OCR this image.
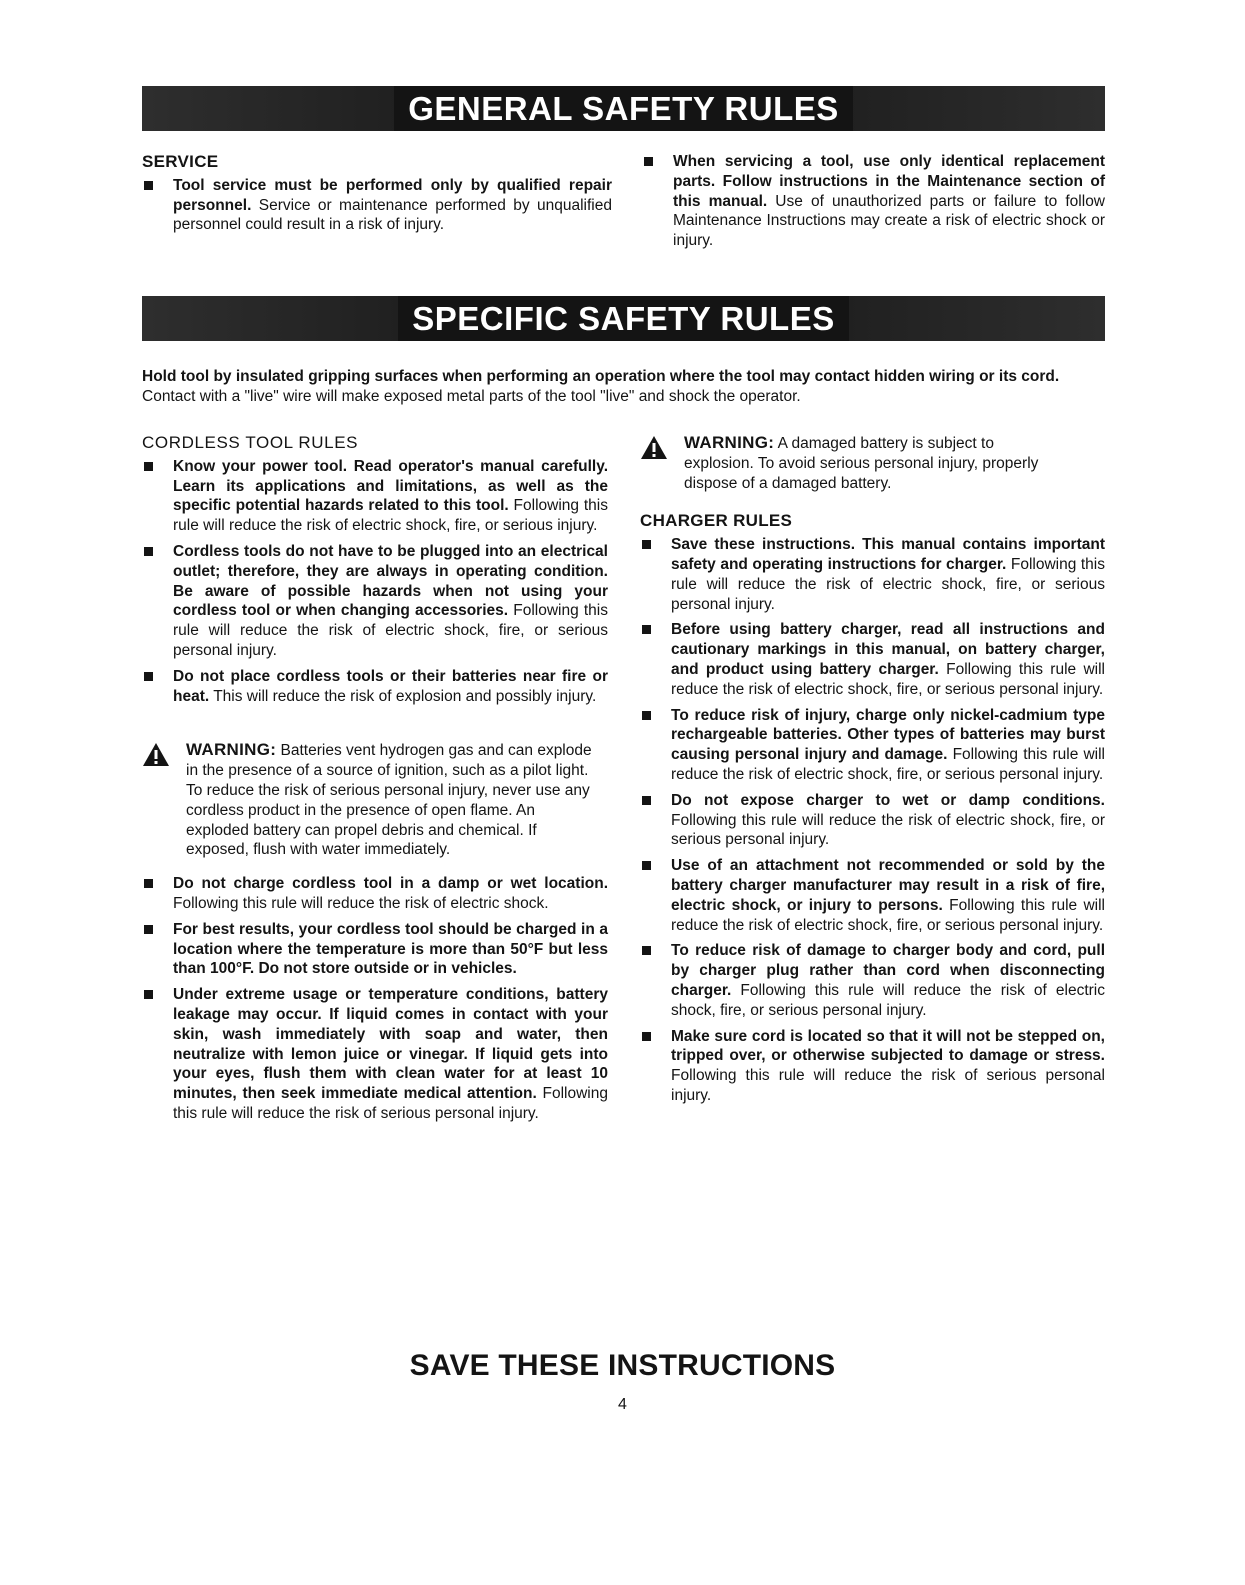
GENERAL SAFETY RULES
SERVICE
Tool service must be performed only by qualified repair personnel. Service or maintenance performed by unqualified personnel could result in a risk of injury.
When servicing a tool, use only identical replacement parts. Follow instructions in the Maintenance section of this manual. Use of unauthorized parts or failure to follow Maintenance Instructions may create a risk of electric shock or injury.
SPECIFIC SAFETY RULES
Hold tool by insulated gripping surfaces when performing an operation where the tool may contact hidden wiring or its cord. Contact with a "live" wire will make exposed metal parts of the tool "live" and shock the operator.
CORDLESS TOOL RULES
Know your power tool. Read operator's manual carefully. Learn its applications and limitations, as well as the specific potential hazards related to this tool. Following this rule will reduce the risk of electric shock, fire, or serious injury.
Cordless tools do not have to be plugged into an electrical outlet; therefore, they are always in operating condition. Be aware of possible hazards when not using your cordless tool or when changing accessories. Following this rule will reduce the risk of electric shock, fire, or serious personal injury.
Do not place cordless tools or their batteries near fire or heat. This will reduce the risk of explosion and possibly injury.
WARNING: Batteries vent hydrogen gas and can explode in the presence of a source of ignition, such as a pilot light. To reduce the risk of serious personal injury, never use any cordless product in the presence of open flame. An exploded battery can propel debris and chemical. If exposed, flush with water immediately.
Do not charge cordless tool in a damp or wet location. Following this rule will reduce the risk of electric shock.
For best results, your cordless tool should be charged in a location where the temperature is more than 50°F but less than 100°F. Do not store outside or in vehicles.
Under extreme usage or temperature conditions, battery leakage may occur. If liquid comes in contact with your skin, wash immediately with soap and water, then neutralize with lemon juice or vinegar. If liquid gets into your eyes, flush them with clean water for at least 10 minutes, then seek immediate medical attention. Following this rule will reduce the risk of serious personal injury.
WARNING: A damaged battery is subject to explosion. To avoid serious personal injury, properly dispose of a damaged battery.
CHARGER RULES
Save these instructions. This manual contains important safety and operating instructions for charger. Following this rule will reduce the risk of electric shock, fire, or serious personal injury.
Before using battery charger, read all instructions and cautionary markings in this manual, on battery charger, and product using battery charger. Following this rule will reduce the risk of electric shock, fire, or serious personal injury.
To reduce risk of injury, charge only nickel-cadmium type rechargeable batteries. Other types of batteries may burst causing personal injury and damage. Following this rule will reduce the risk of electric shock, fire, or serious personal injury.
Do not expose charger to wet or damp conditions. Following this rule will reduce the risk of electric shock, fire, or serious personal injury.
Use of an attachment not recommended or sold by the battery charger manufacturer may result in a risk of fire, electric shock, or injury to persons. Following this rule will reduce the risk of electric shock, fire, or serious personal injury.
To reduce risk of damage to charger body and cord, pull by charger plug rather than cord when disconnecting charger. Following this rule will reduce the risk of electric shock, fire, or serious personal injury.
Make sure cord is located so that it will not be stepped on, tripped over, or otherwise subjected to damage or stress. Following this rule will reduce the risk of serious personal injury.
SAVE THESE INSTRUCTIONS
4
